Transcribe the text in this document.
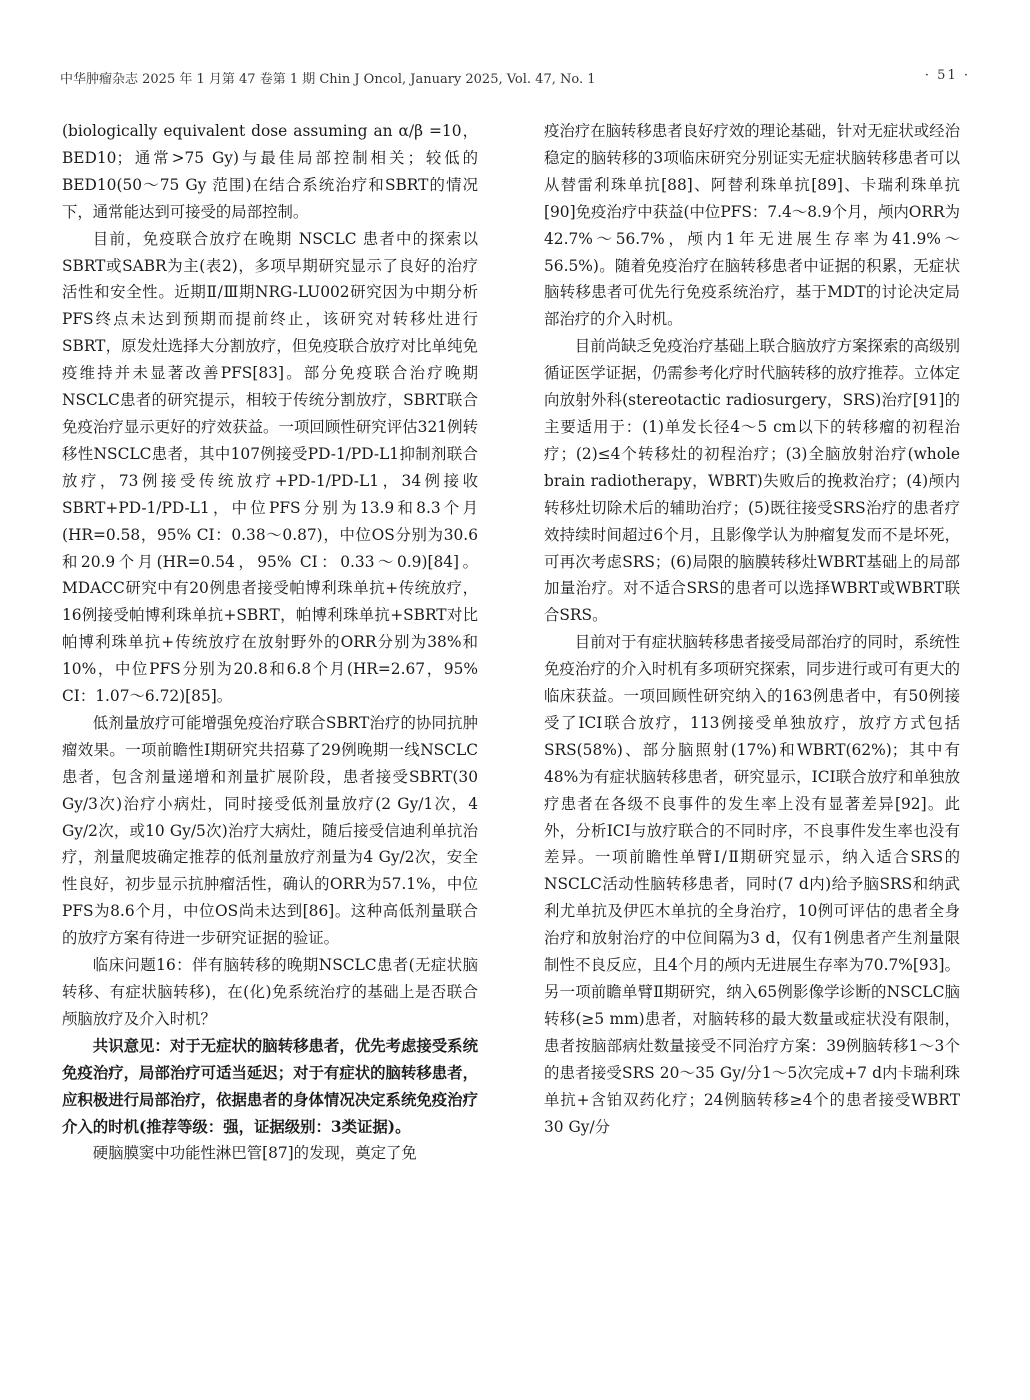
中华肿瘤杂志 2025 年 1 月第 47 卷第 1 期 Chin J Oncol, January 2025, Vol. 47, No. 1	· 51 ·

(biologically equivalent dose assuming an α/β =10，BED10；通常>75 Gy)与最佳局部控制相关；较低的BED10(50～75 Gy 范围)在结合系统治疗和SBRT的情况下，通常能达到可接受的局部控制。

目前，免疫联合放疗在晚期 NSCLC 患者中的探索以SBRT或SABR为主(表2)，多项早期研究显示了良好的治疗活性和安全性。近期Ⅱ/Ⅲ期NRG-LU002研究因为中期分析PFS终点未达到预期而提前终止，该研究对转移灶进行SBRT，原发灶选择大分割放疗，但免疫联合放疗对比单纯免疫维持并未显著改善PFS[83]。部分免疫联合治疗晚期NSCLC患者的研究提示，相较于传统分割放疗，SBRT联合免疫治疗显示更好的疗效获益。一项回顾性研究评估321例转移性NSCLC患者，其中107例接受PD-1/PD-L1抑制剂联合放疗，73例接受传统放疗+PD-1/PD-L1，34例接收SBRT+PD-1/PD-L1，中位PFS分别为13.9和8.3个月(HR=0.58，95% CI：0.38～0.87)，中位OS分别为30.6和20.9个月(HR=0.54，95% CI：0.33～0.9)[84]。MDACC研究中有20例患者接受帕博利珠单抗+传统放疗，16例接受帕博利珠单抗+SBRT，帕博利珠单抗+SBRT对比帕博利珠单抗+传统放疗在放射野外的ORR分别为38%和10%，中位PFS分别为20.8和6.8个月(HR=2.67，95% CI：1.07～6.72)[85]。

低剂量放疗可能增强免疫治疗联合SBRT治疗的协同抗肿瘤效果。一项前瞻性Ⅰ期研究共招募了29例晚期一线NSCLC患者，包含剂量递增和剂量扩展阶段，患者接受SBRT(30 Gy/3次)治疗小病灶，同时接受低剂量放疗(2 Gy/1次，4 Gy/2次，或10 Gy/5次)治疗大病灶，随后接受信迪利单抗治疗，剂量爬坡确定推荐的低剂量放疗剂量为4 Gy/2次，安全性良好，初步显示抗肿瘤活性，确认的ORR为57.1%，中位PFS为8.6个月，中位OS尚未达到[86]。这种高低剂量联合的放疗方案有待进一步研究证据的验证。

临床问题16：伴有脑转移的晚期NSCLC患者(无症状脑转移、有症状脑转移)，在(化)免系统治疗的基础上是否联合颅脑放疗及介入时机？

共识意见：对于无症状的脑转移患者，优先考虑接受系统免疫治疗，局部治疗可适当延迟；对于有症状的脑转移患者，应积极进行局部治疗，依据患者的身体情况决定系统免疫治疗介入的时机(推荐等级：强，证据级别：3类证据)。

硬脑膜窦中功能性淋巴管[87]的发现，奠定了免

疫治疗在脑转移患者良好疗效的理论基础，针对无症状或经治稳定的脑转移的3项临床研究分别证实无症状脑转移患者可以从替雷利珠单抗[88]、阿替利珠单抗[89]、卡瑞利珠单抗[90]免疫治疗中获益(中位PFS：7.4～8.9个月，颅内ORR为42.7%～56.7%，颅内1年无进展生存率为41.9%～56.5%)。随着免疫治疗在脑转移患者中证据的积累，无症状脑转移患者可优先行免疫系统治疗，基于MDT的讨论决定局部治疗的介入时机。

目前尚缺乏免疫治疗基础上联合脑放疗方案探索的高级别循证医学证据，仍需参考化疗时代脑转移的放疗推荐。立体定向放射外科(stereotactic radiosurgery，SRS)治疗[91]的主要适用于：(1)单发长径4～5 cm以下的转移瘤的初程治疗；(2)≤4个转移灶的初程治疗；(3)全脑放射治疗(whole brain radiotherapy，WBRT)失败后的挽救治疗；(4)颅内转移灶切除术后的辅助治疗；(5)既往接受SRS治疗的患者疗效持续时间超过6个月，且影像学认为肿瘤复发而不是坏死，可再次考虑SRS；(6)局限的脑膜转移灶WBRT基础上的局部加量治疗。对不适合SRS的患者可以选择WBRT或WBRT联合SRS。

目前对于有症状脑转移患者接受局部治疗的同时，系统性免疫治疗的介入时机有多项研究探索，同步进行或可有更大的临床获益。一项回顾性研究纳入的163例患者中，有50例接受了ICI联合放疗，113例接受单独放疗，放疗方式包括SRS(58%)、部分脑照射(17%)和WBRT(62%)；其中有48%为有症状脑转移患者，研究显示，ICI联合放疗和单独放疗患者在各级不良事件的发生率上没有显著差异[92]。此外，分析ICI与放疗联合的不同时序，不良事件发生率也没有差异。一项前瞻性单臂Ⅰ/Ⅱ期研究显示，纳入适合SRS的NSCLC活动性脑转移患者，同时(7 d内)给予脑SRS和纳武利尤单抗及伊匹木单抗的全身治疗，10例可评估的患者全身治疗和放射治疗的中位间隔为3 d，仅有1例患者产生剂量限制性不良反应，且4个月的颅内无进展生存率为70.7%[93]。另一项前瞻单臂Ⅱ期研究，纳入65例影像学诊断的NSCLC脑转移(≥5 mm)患者，对脑转移的最大数量或症状没有限制，患者按脑部病灶数量接受不同治疗方案：39例脑转移1～3个的患者接受SRS 20～35 Gy/分1～5次完成+7 d内卡瑞利珠单抗+含铂双药化疗；24例脑转移≥4个的患者接受WBRT 30 Gy/分
